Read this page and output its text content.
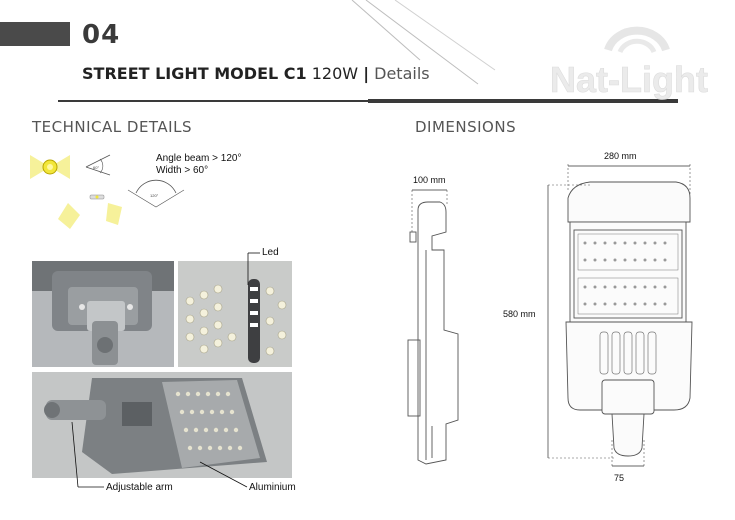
04
STREET LIGHT MODEL C1 120W | Details	Nat-Light
TECHNICAL DETAILS	DIMENSIONS
60°
120°
Angle beam > 120°
Width > 60°
Led
Adjustable arm	Aluminium
100 mm
280 mm
580 mm
75
